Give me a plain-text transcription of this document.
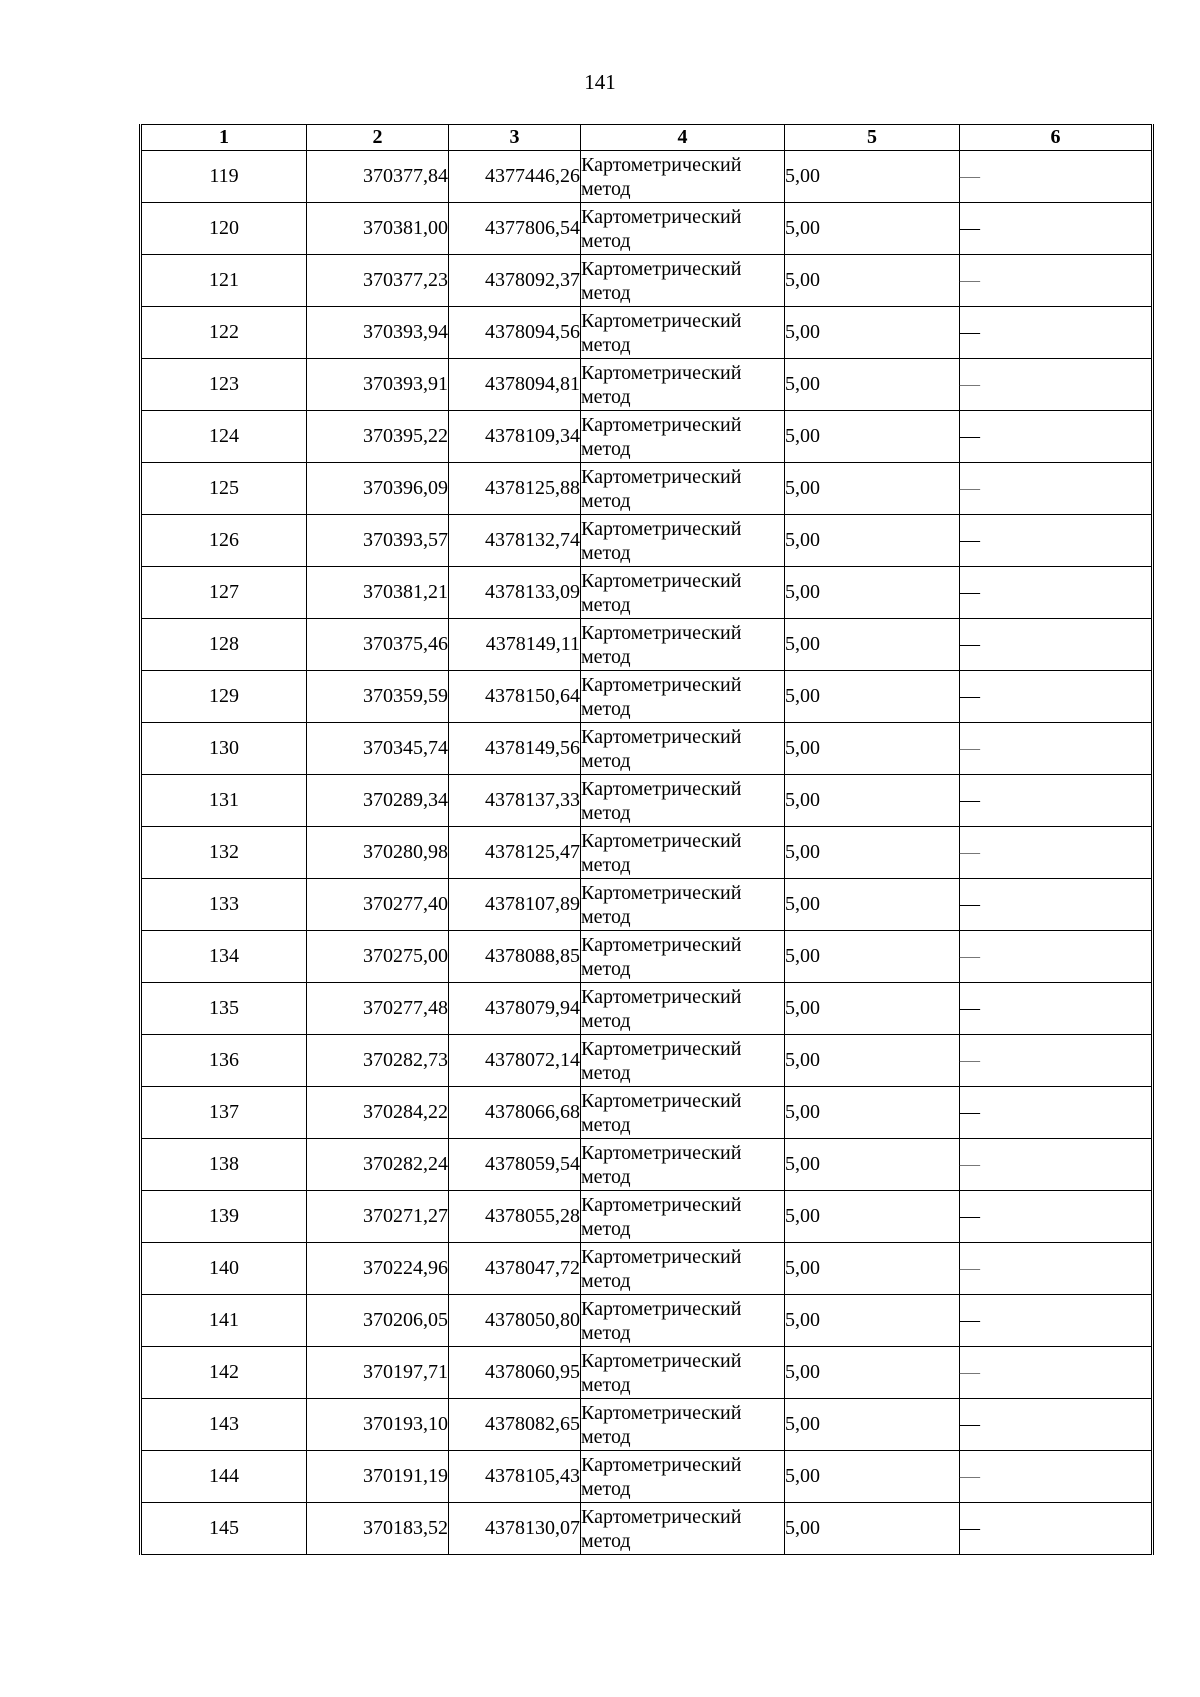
141
1	2	3	4	5	6
119	370377,84	4377446,26	Картометрический метод	5,00	—
120	370381,00	4377806,54	Картометрический метод	5,00	—
121	370377,23	4378092,37	Картометрический метод	5,00	—
122	370393,94	4378094,56	Картометрический метод	5,00	—
123	370393,91	4378094,81	Картометрический метод	5,00	—
124	370395,22	4378109,34	Картометрический метод	5,00	—
125	370396,09	4378125,88	Картометрический метод	5,00	—
126	370393,57	4378132,74	Картометрический метод	5,00	—
127	370381,21	4378133,09	Картометрический метод	5,00	—
128	370375,46	4378149,11	Картометрический метод	5,00	—
129	370359,59	4378150,64	Картометрический метод	5,00	—
130	370345,74	4378149,56	Картометрический метод	5,00	—
131	370289,34	4378137,33	Картометрический метод	5,00	—
132	370280,98	4378125,47	Картометрический метод	5,00	—
133	370277,40	4378107,89	Картометрический метод	5,00	—
134	370275,00	4378088,85	Картометрический метод	5,00	—
135	370277,48	4378079,94	Картометрический метод	5,00	—
136	370282,73	4378072,14	Картометрический метод	5,00	—
137	370284,22	4378066,68	Картометрический метод	5,00	—
138	370282,24	4378059,54	Картометрический метод	5,00	—
139	370271,27	4378055,28	Картометрический метод	5,00	—
140	370224,96	4378047,72	Картометрический метод	5,00	—
141	370206,05	4378050,80	Картометрический метод	5,00	—
142	370197,71	4378060,95	Картометрический метод	5,00	—
143	370193,10	4378082,65	Картометрический метод	5,00	—
144	370191,19	4378105,43	Картометрический метод	5,00	—
145	370183,52	4378130,07	Картометрический метод	5,00	—
